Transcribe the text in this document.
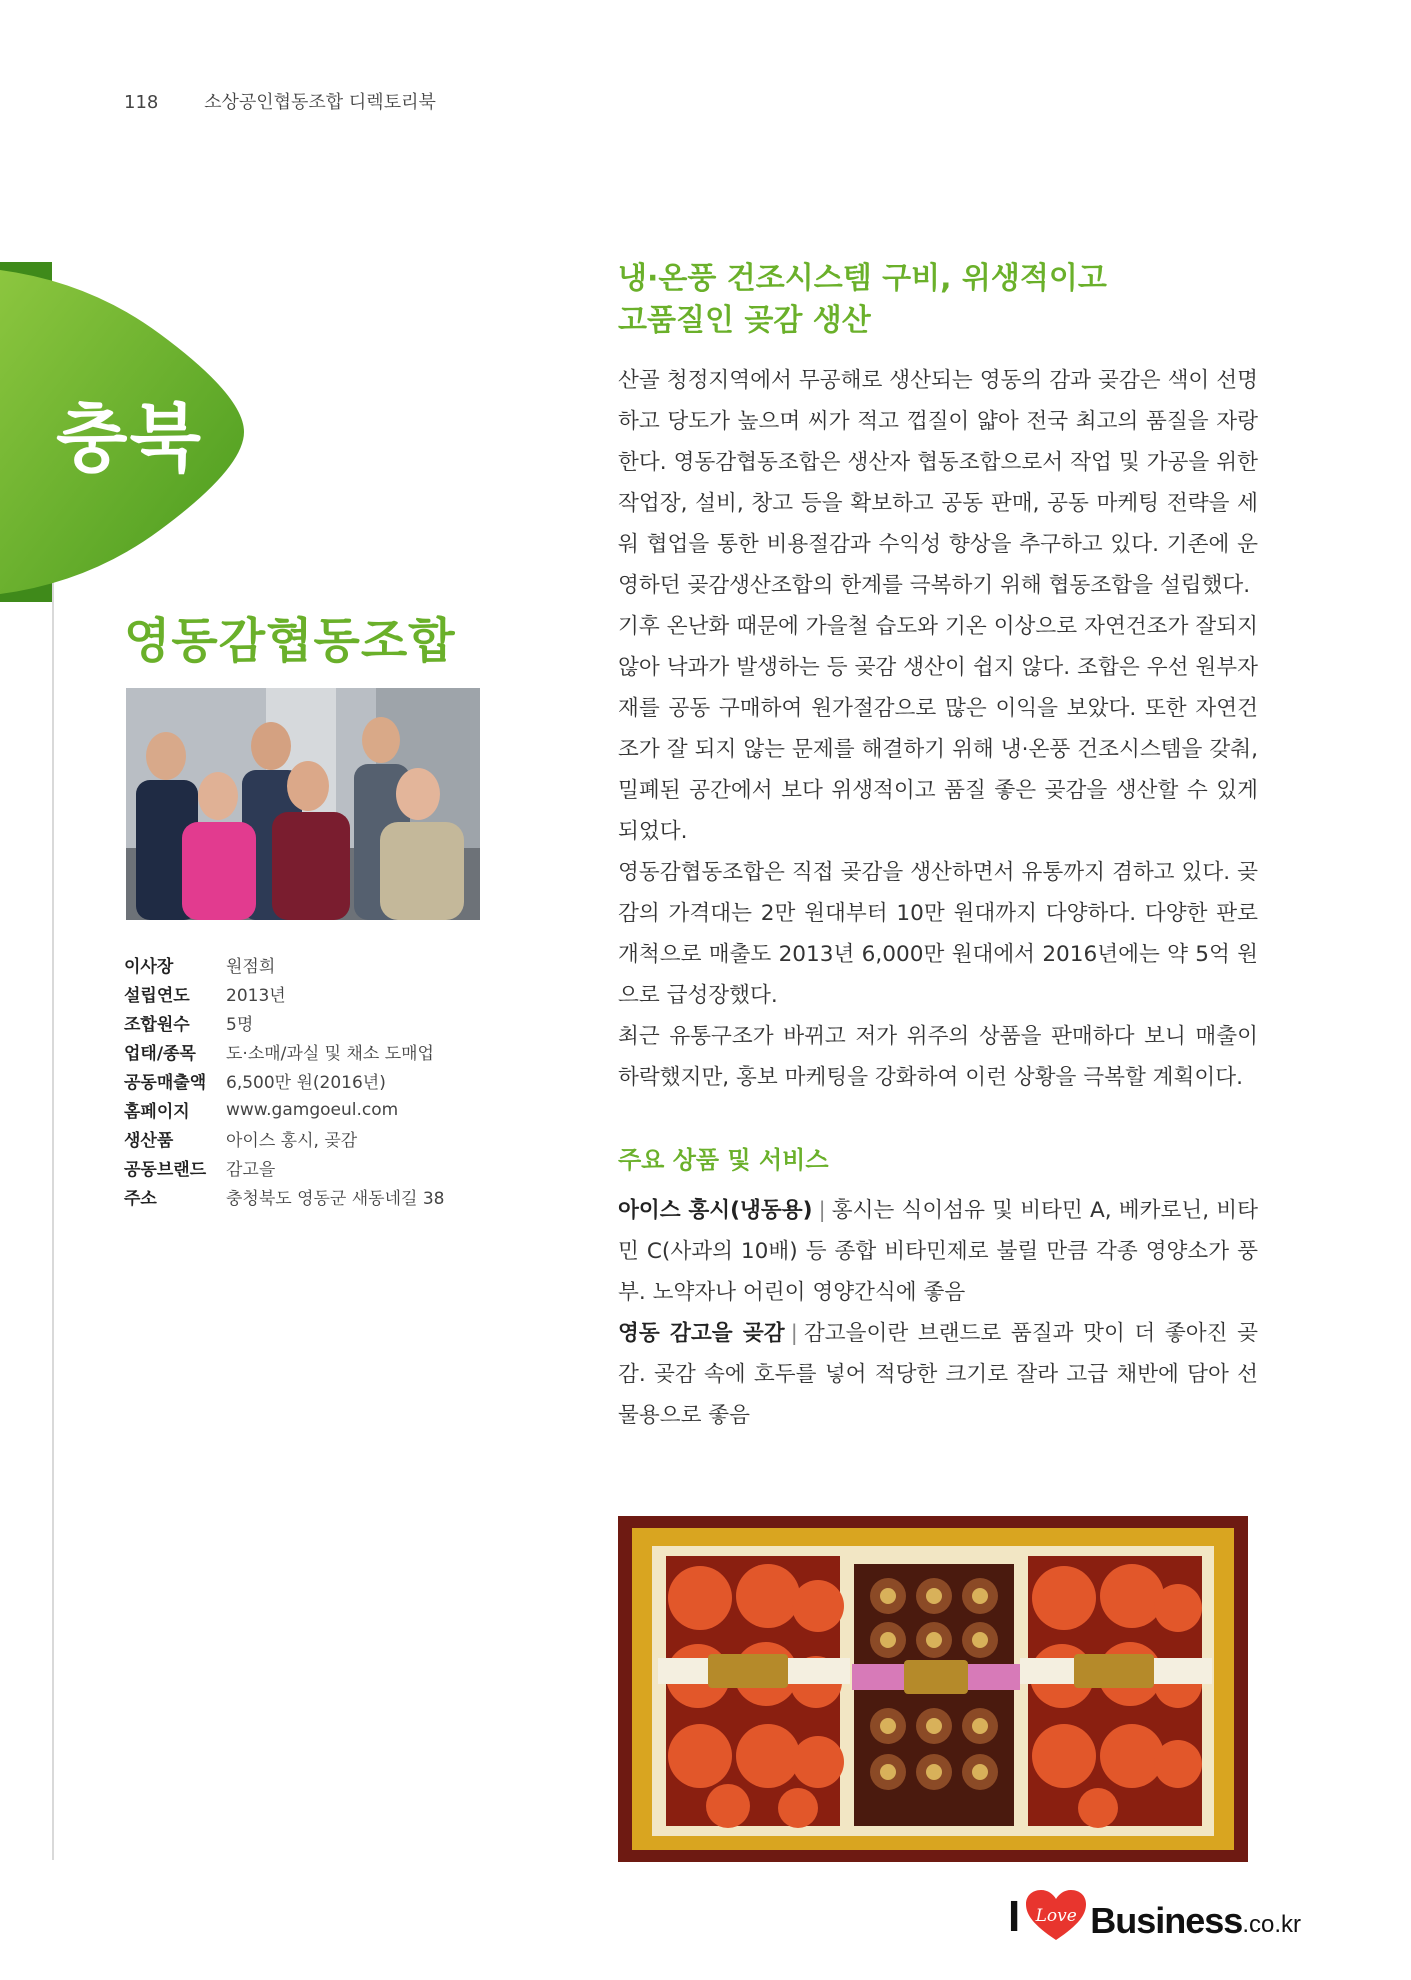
118	소상공인협동조합 디렉토리북
충북
영동감협동조합
이사장	원점희
설립연도	2013년
조합원수	5명
업태/종목	도·소매/과실 및 채소 도매업
공동매출액	6,500만 원(2016년)
홈페이지	www.gamgoeul.com
생산품	아이스 홍시, 곶감
공동브랜드	감고을
주소	충청북도 영동군 새동네길 38
냉·온풍 건조시스템 구비, 위생적이고
고품질인 곶감 생산

산골 청정지역에서 무공해로 생산되는 영동의 감과 곶감은 색이 선명하고 당도가 높으며 씨가 적고 껍질이 얇아 전국 최고의 품질을 자랑한다. 영동감협동조합은 생산자 협동조합으로서 작업 및 가공을 위한 작업장, 설비, 창고 등을 확보하고 공동 판매, 공동 마케팅 전략을 세워 협업을 통한 비용절감과 수익성 향상을 추구하고 있다. 기존에 운영하던 곶감생산조합의 한계를 극복하기 위해 협동조합을 설립했다.

기후 온난화 때문에 가을철 습도와 기온 이상으로 자연건조가 잘되지 않아 낙과가 발생하는 등 곶감 생산이 쉽지 않다. 조합은 우선 원부자재를 공동 구매하여 원가절감으로 많은 이익을 보았다. 또한 자연건조가 잘 되지 않는 문제를 해결하기 위해 냉·온풍 건조시스템을 갖춰, 밀폐된 공간에서 보다 위생적이고 품질 좋은 곶감을 생산할 수 있게 되었다.

영동감협동조합은 직접 곶감을 생산하면서 유통까지 겸하고 있다. 곶감의 가격대는 2만 원대부터 10만 원대까지 다양하다. 다양한 판로 개척으로 매출도 2013년 6,000만 원대에서 2016년에는 약 5억 원으로 급성장했다.

최근 유통구조가 바뀌고 저가 위주의 상품을 판매하다 보니 매출이 하락했지만, 홍보 마케팅을 강화하여 이런 상황을 극복할 계획이다.

주요 상품 및 서비스

아이스 홍시(냉동용) | 홍시는 식이섬유 및 비타민 A, 베카로닌, 비타민 C(사과의 10배) 등 종합 비타민제로 불릴 만큼 각종 영양소가 풍부. 노약자나 어린이 영양간식에 좋음

영동 감고을 곶감 | 감고을이란 브랜드로 품질과 맛이 더 좋아진 곶감. 곶감 속에 호두를 넣어 적당한 크기로 잘라 고급 채반에 담아 선물용으로 좋음

I Love Business .co.kr
